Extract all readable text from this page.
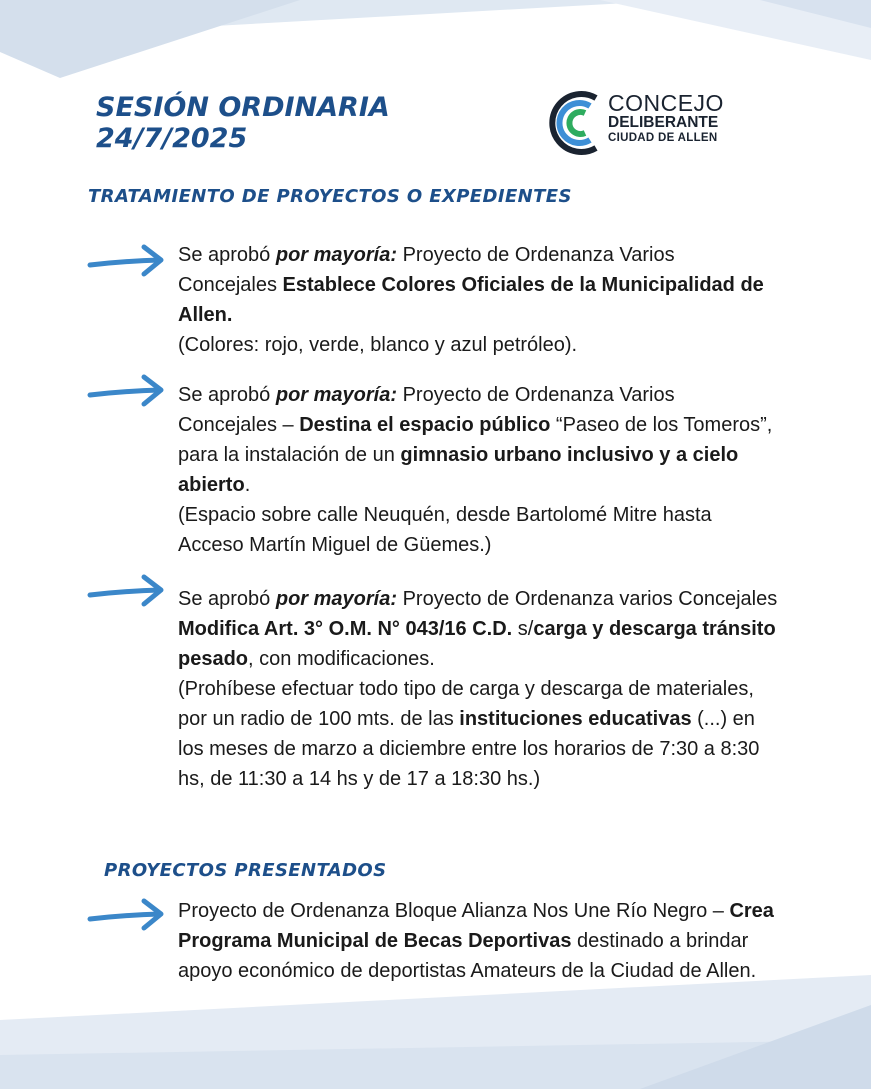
SESIÓN ORDINARIA
24/7/2025
CONCEJO
DELIBERANTE
CIUDAD DE ALLEN
TRATAMIENTO DE PROYECTOS O EXPEDIENTES

Se aprobó por mayoría: Proyecto de Ordenanza Varios Concejales Establece Colores Oficiales de la Municipalidad de Allen.
(Colores: rojo, verde, blanco y azul petróleo).

Se aprobó por mayoría: Proyecto de Ordenanza Varios Concejales – Destina el espacio público “Paseo de los Tomeros”, para la instalación de un gimnasio urbano inclusivo y a cielo abierto.
(Espacio sobre calle Neuquén, desde Bartolomé Mitre hasta Acceso Martín Miguel de Güemes.)

Se aprobó por mayoría: Proyecto de Ordenanza varios Concejales Modifica Art. 3° O.M. N° 043/16 C.D. s/carga y descarga tránsito pesado, con modificaciones.
(Prohíbese efectuar todo tipo de carga y descarga de materiales, por un radio de 100 mts. de las instituciones educativas (...) en los meses de marzo a diciembre entre los horarios de 7:30 a 8:30 hs, de 11:30 a 14 hs y de 17 a 18:30 hs.)

PROYECTOS PRESENTADOS

Proyecto de Ordenanza Bloque Alianza Nos Une Río Negro – Crea Programa Municipal de Becas Deportivas destinado a brindar apoyo económico de deportistas Amateurs de la Ciudad de Allen.
